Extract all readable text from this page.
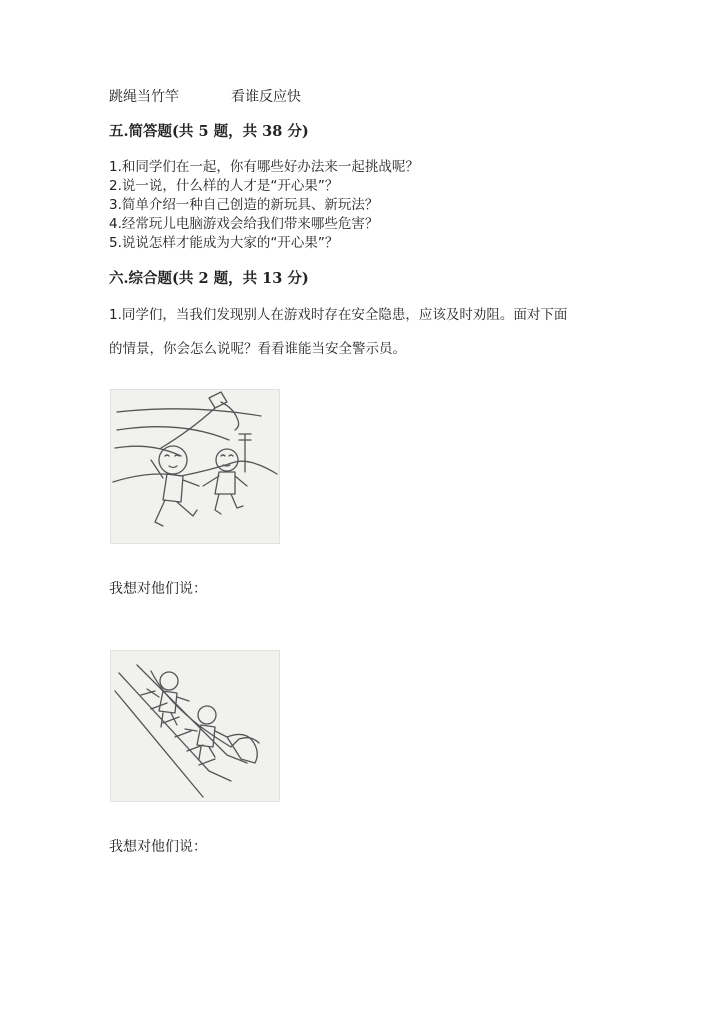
跳绳当竹竿	看谁反应快
五.简答题(共 5 题，共 38 分)
1.和同学们在一起，你有哪些好办法来一起挑战呢？
2.说一说，什么样的人才是“开心果”？
3.简单介绍一种自己创造的新玩具、新玩法？
4.经常玩儿电脑游戏会给我们带来哪些危害？
5.说说怎样才能成为大家的“开心果”？
六.综合题(共 2 题，共 13 分)
1.同学们，当我们发现别人在游戏时存在安全隐患，应该及时劝阻。面对下面
的情景，你会怎么说呢？看看谁能当安全警示员。
我想对他们说：
我想对他们说：
